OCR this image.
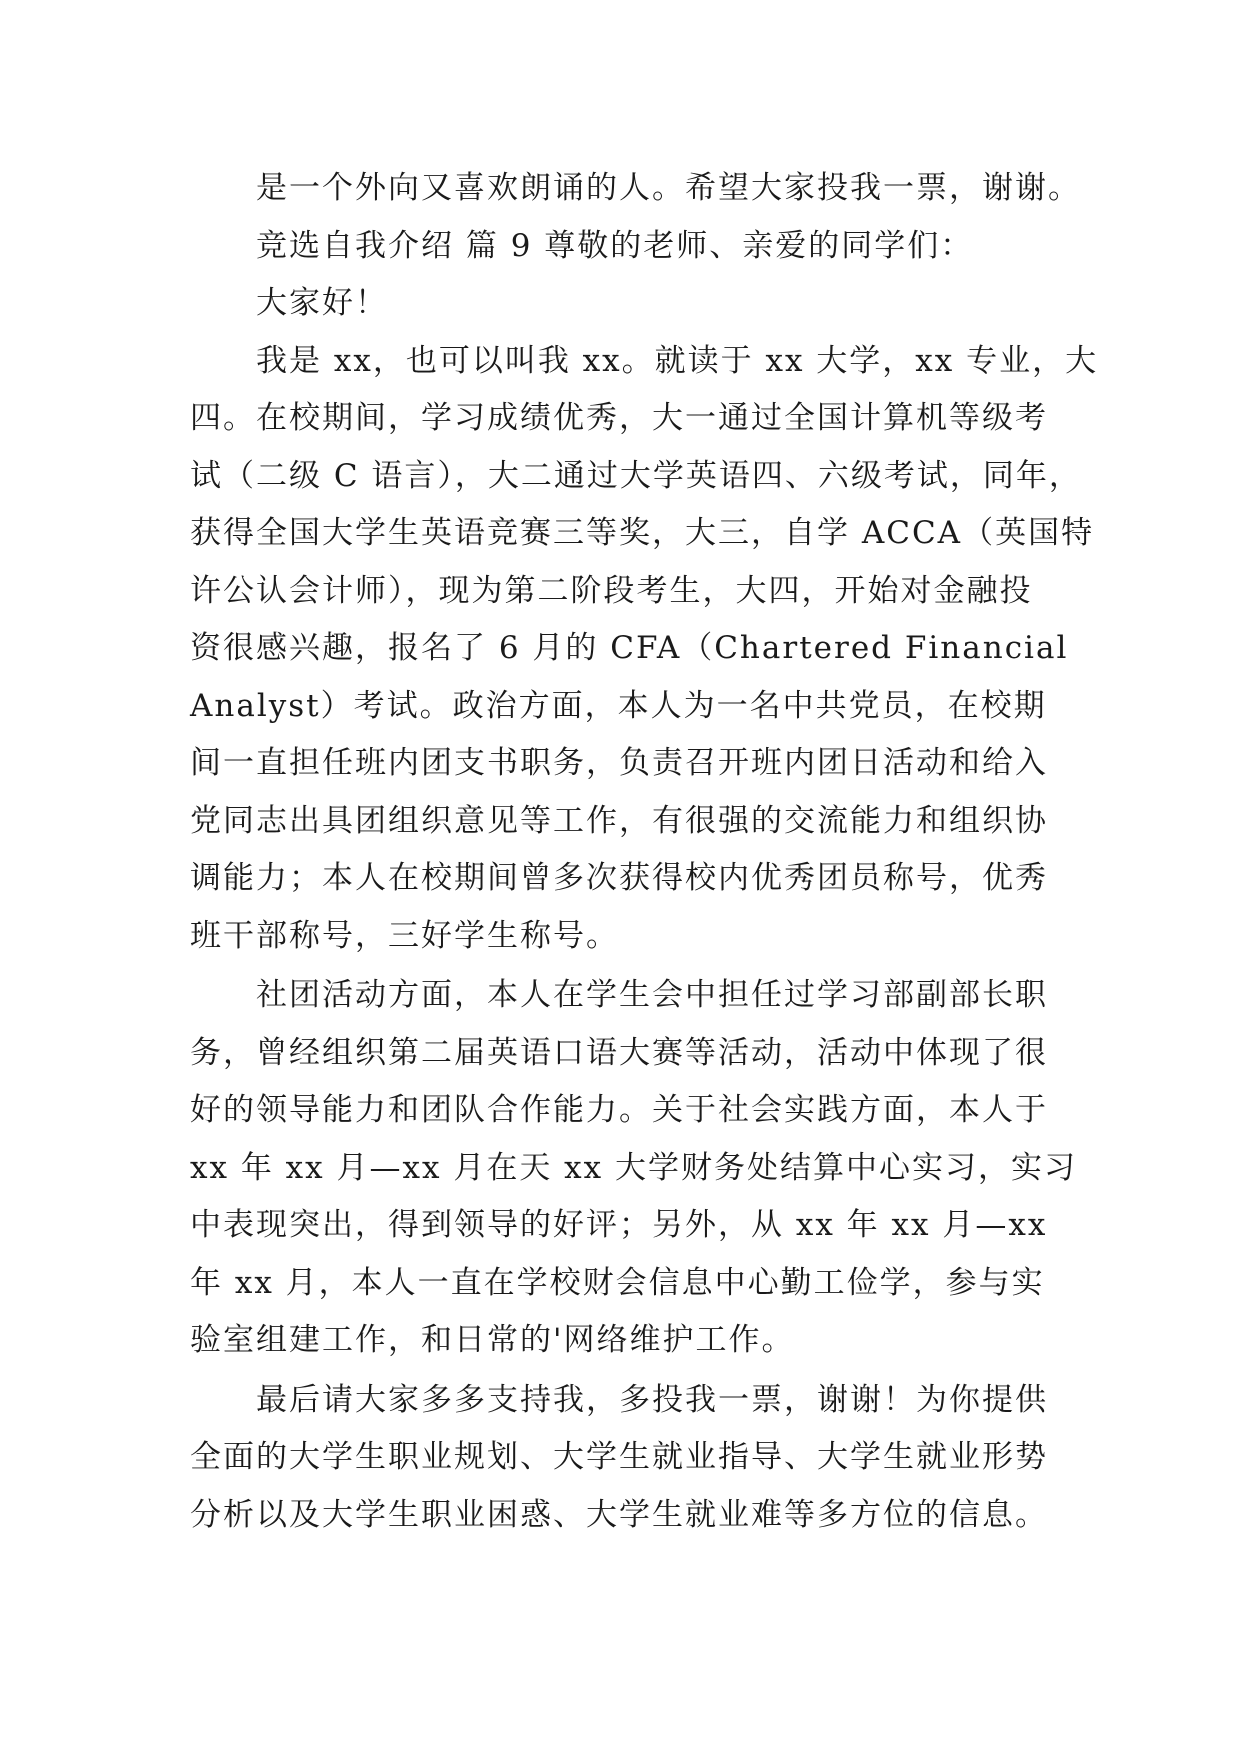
是一个外向又喜欢朗诵的人。希望大家投我一票，谢谢。
竞选自我介绍 篇 9 尊敬的老师、亲爱的同学们：
大家好！
我是 xx，也可以叫我 xx。就读于 xx 大学，xx 专业，大
四。在校期间，学习成绩优秀，大一通过全国计算机等级考
试（二级 C 语言），大二通过大学英语四、六级考试，同年，
获得全国大学生英语竞赛三等奖，大三，自学 ACCA（英国特
许公认会计师），现为第二阶段考生，大四，开始对金融投
资很感兴趣，报名了 6 月的 CFA（Chartered Financial
Analyst）考试。政治方面，本人为一名中共党员，在校期
间一直担任班内团支书职务，负责召开班内团日活动和给入
党同志出具团组织意见等工作，有很强的交流能力和组织协
调能力；本人在校期间曾多次获得校内优秀团员称号，优秀
班干部称号，三好学生称号。
社团活动方面，本人在学生会中担任过学习部副部长职
务，曾经组织第二届英语口语大赛等活动，活动中体现了很
好的领导能力和团队合作能力。关于社会实践方面，本人于
xx 年 xx 月—xx 月在天 xx 大学财务处结算中心实习，实习
中表现突出，得到领导的好评；另外，从 xx 年 xx 月—xx
年 xx 月，本人一直在学校财会信息中心勤工俭学，参与实
验室组建工作，和日常的'网络维护工作。
最后请大家多多支持我，多投我一票，谢谢！为你提供
全面的大学生职业规划、大学生就业指导、大学生就业形势
分析以及大学生职业困惑、大学生就业难等多方位的信息。
